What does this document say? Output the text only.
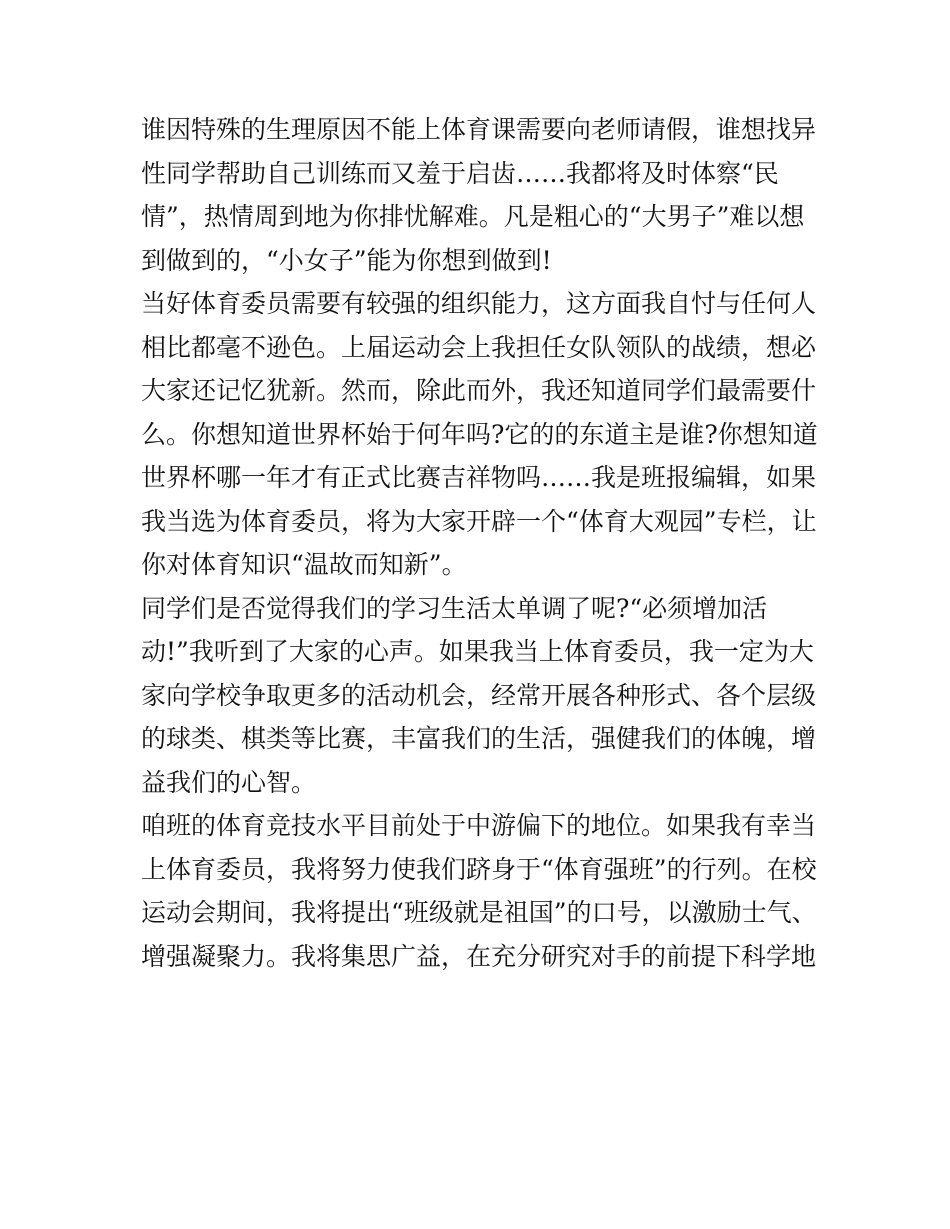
谁因特殊的生理原因不能上体育课需要向老师请假，谁想找异
性同学帮助自己训练而又羞于启齿……我都将及时体察“民
情”，热情周到地为你排忧解难。凡是粗心的“大男子”难以想
到做到的，“小女子”能为你想到做到!
当好体育委员需要有较强的组织能力，这方面我自忖与任何人
相比都毫不逊色。上届运动会上我担任女队领队的战绩，想必
大家还记忆犹新。然而，除此而外，我还知道同学们最需要什
么。你想知道世界杯始于何年吗?它的的东道主是谁?你想知道
世界杯哪一年才有正式比赛吉祥物吗……我是班报编辑，如果
我当选为体育委员，将为大家开辟一个“体育大观园”专栏，让
你对体育知识“温故而知新”。
同学们是否觉得我们的学习生活太单调了呢?“必须增加活
动!”我听到了大家的心声。如果我当上体育委员，我一定为大
家向学校争取更多的活动机会，经常开展各种形式、各个层级
的球类、棋类等比赛，丰富我们的生活，强健我们的体魄，增
益我们的心智。
咱班的体育竞技水平目前处于中游偏下的地位。如果我有幸当
上体育委员，我将努力使我们跻身于“体育强班”的行列。在校
运动会期间，我将提出“班级就是祖国”的口号，以激励士气、
增强凝聚力。我将集思广益，在充分研究对手的前提下科学地
